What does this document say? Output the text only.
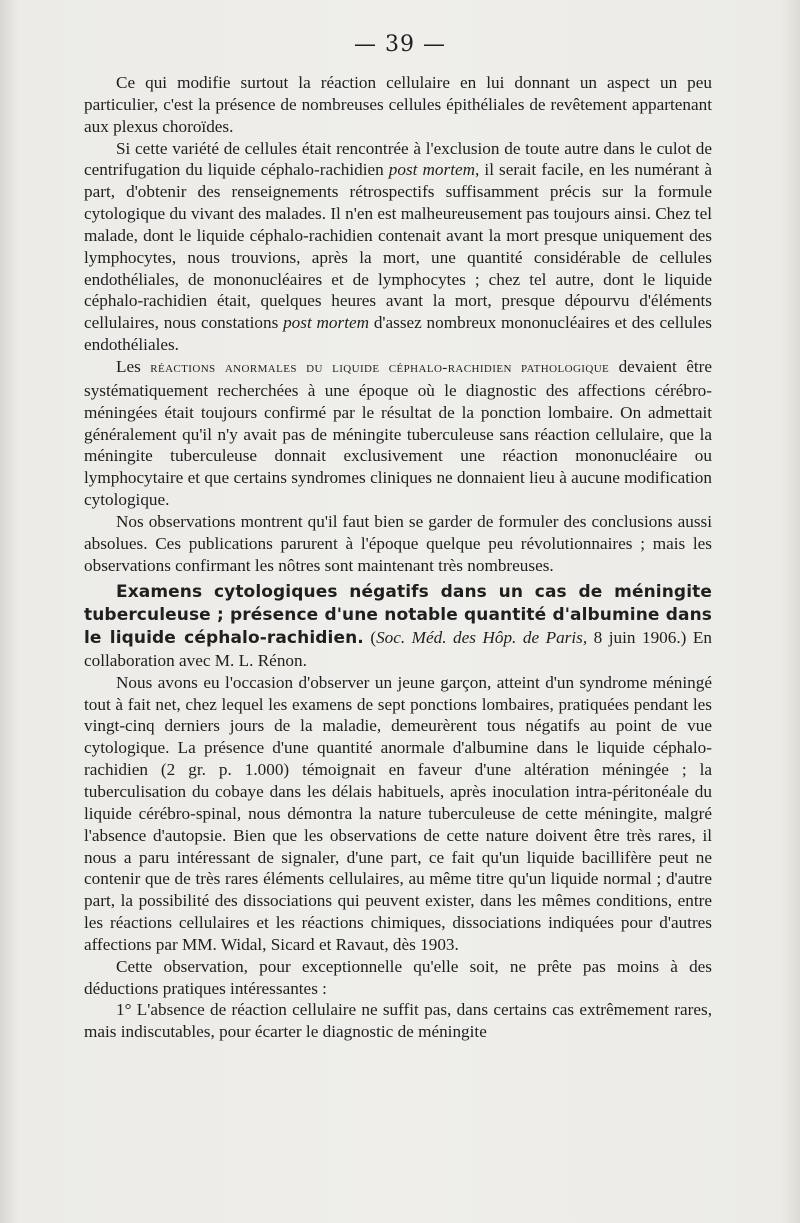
— 39 —

Ce qui modifie surtout la réaction cellulaire en lui donnant un aspect un peu particulier, c'est la présence de nombreuses cellules épithéliales de revêtement appartenant aux plexus choroïdes.

Si cette variété de cellules était rencontrée à l'exclusion de toute autre dans le culot de centrifugation du liquide céphalo-rachidien post mortem, il serait facile, en les numérant à part, d'obtenir des renseignements rétrospectifs suffisamment précis sur la formule cytologique du vivant des malades. Il n'en est malheureusement pas toujours ainsi. Chez tel malade, dont le liquide céphalo-rachidien contenait avant la mort presque uniquement des lymphocytes, nous trouvions, après la mort, une quantité considérable de cellules endothéliales, de mononucléaires et de lymphocytes ; chez tel autre, dont le liquide céphalo-rachidien était, quelques heures avant la mort, presque dépourvu d'éléments cellulaires, nous constations post mortem d'assez nombreux mononucléaires et des cellules endothéliales.

Les réactions anormales du liquide céphalo-rachidien pathologique devaient être systématiquement recherchées à une époque où le diagnostic des affections cérébro-méningées était toujours confirmé par le résultat de la ponction lombaire. On admettait généralement qu'il n'y avait pas de méningite tuberculeuse sans réaction cellulaire, que la méningite tuberculeuse donnait exclusivement une réaction mononucléaire ou lymphocytaire et que certains syndromes cliniques ne donnaient lieu à aucune modification cytologique.

Nos observations montrent qu'il faut bien se garder de formuler des conclusions aussi absolues. Ces publications parurent à l'époque quelque peu révolutionnaires ; mais les observations confirmant les nôtres sont maintenant très nombreuses.

Examens cytologiques négatifs dans un cas de méningite tuberculeuse ; présence d'une notable quantité d'albumine dans le liquide céphalo-rachidien. (Soc. Méd. des Hôp. de Paris, 8 juin 1906.) En collaboration avec M. L. Rénon.

Nous avons eu l'occasion d'observer un jeune garçon, atteint d'un syndrome méningé tout à fait net, chez lequel les examens de sept ponctions lombaires, pratiquées pendant les vingt-cinq derniers jours de la maladie, demeurèrent tous négatifs au point de vue cytologique. La présence d'une quantité anormale d'albumine dans le liquide céphalo-rachidien (2 gr. p. 1.000) témoignait en faveur d'une altération méningée ; la tuberculisation du cobaye dans les délais habituels, après inoculation intra-péritonéale du liquide cérébro-spinal, nous démontra la nature tuberculeuse de cette méningite, malgré l'absence d'autopsie. Bien que les observations de cette nature doivent être très rares, il nous a paru intéressant de signaler, d'une part, ce fait qu'un liquide bacillifère peut ne contenir que de très rares éléments cellulaires, au même titre qu'un liquide normal ; d'autre part, la possibilité des dissociations qui peuvent exister, dans les mêmes conditions, entre les réactions cellulaires et les réactions chimiques, dissociations indiquées pour d'autres affections par MM. Widal, Sicard et Ravaut, dès 1903.

Cette observation, pour exceptionnelle qu'elle soit, ne prête pas moins à des déductions pratiques intéressantes :

1° L'absence de réaction cellulaire ne suffit pas, dans certains cas extrêmement rares, mais indiscutables, pour écarter le diagnostic de méningite
